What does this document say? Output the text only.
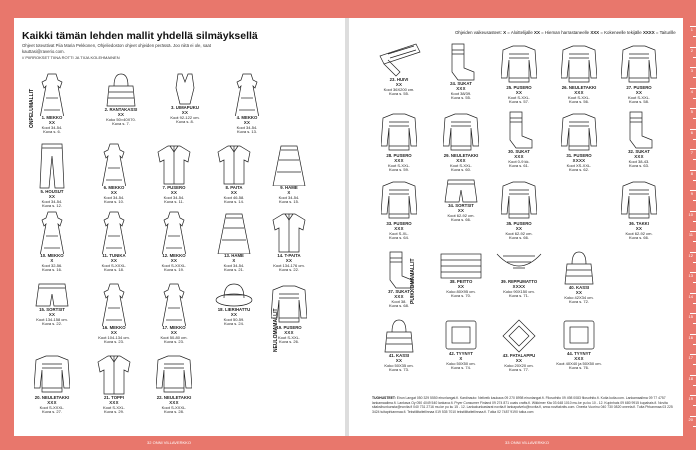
1
2
3
4
5
6
7
8
9
10
11
12
13
14
15
16
17
18
19
20
Kaikki tämän lehden mallit yhdellä silmäyksellä
Ohjeet toteuttivat Piia Maria Pekkonen, Ohjeliedoston ohjeet ohjeiden perässä. Joo niitä ei ole, saat kauttasi@raverio.com.
// PIIRROKSET TIINA ROTTI JA TIIJA KOLEHMAINEN
Ohjeiden vaikeusasteet: X = Aloittelijalle XX = Hieman harrastaneelle XXX = Kokeneelle tekijälle XXXX = Taiturille
ONPELUMALLIT
NEULOMAMALLIT
PUIKKOMAMALLIT
1. MEKKO
XX
Koot 34-54.
Kuva s. 6.
2. RANTAKASSI
XX
Koko 50×40X70.
Kuva s. 7.
3. UIMAPUKU
XX
Koot 92-122 cm.
Kuva s. 8.
4. MEKKO
XX
Koot 34-54.
Kuva s. 13.
5. HOUSUT
XX
Koot 34-54.
Kuva s. 12.
6. MEKKO
XX
Koot 34-54.
Kuva s. 10.
7. PUSERO
XX
Koot 34-54.
Kuva s. 11.
8. PAITA
XX
Koot 46-58.
Kuva s. 14.
9. HAME
X
Koot 34-54.
Kuva s. 15.
10. MEKKO
X
Koot 32-56.
Kuva s. 16.
11. TUNIKA
XX
Koot S-XXXL.
Kuva s. 18.
12. MEKKO
XX
Koot S-XXXL.
Kuva s. 19.
13. HAME
X
Koot 34-54.
Kuva s. 21.
14. T-PAITA
XX
Koot 134-176 cm.
Kuva s. 22.
15. SORTSIT
XX
Koot 134-158 cm.
Kuva s. 22.
16. MEKKO
XX
Koot 104-134 cm.
Kuva s. 23.
17. MEKKO
XX
Koot 50-80 cm.
Kuva s. 23.
18. LIERIHATTU
XX
Koot 50-59.
Kuva s. 24.
19. PUSERO
XXX
Koot S-XXL.
Kuva s. 26.
20. NEULETAKKI
XXX
Koot S-XXXL.
Kuva s. 27.
21. TOPPI
XXX
Koot S-XXL.
Kuva s. 29.
22. NEULETAKKI
XXX
Koot S-XXXL.
Kuva s. 28.
23. HUIVI
XX
Koot 36X200 cm.
Kuva s. 55.
24. SUKAT
XXX
Koot 38/39.
Kuva s. 55.
25. PUSERO
XX
Koot S-XXL.
Kuva s. 57.
26. NEULETAKKI
XXX
Koot S-XXL.
Kuva s. 56.
27. PUSERO
XX
Koot S-XXL.
Kuva s. 58.
28. PUSERO
XXX
Koot S-XXL.
Kuva s. 59.
29. NEULETAKKI
XXX
Koot S-XXL.
Kuva s. 60.
30. SUKAT
XXX
Koot 0-9 kk.
Kuva s. 61.
31. PUSERO
XXXX
Koot XS-XXL.
Kuva s. 62.
32. SUKAT
XXX
Koot 38-43.
Kuva s. 63.
33. PUSERO
XXX
Koot S-XL.
Kuva s. 64.
34. SORTSIT
XX
Koot 62-92 cm.
Kuva s. 66.
35. PUSERO
XX
Koot 62-92 cm.
Kuva s. 66.
36. TAKKI
XX
Koot 62-92 cm.
Kuva s. 66.
37. SUKAT
XXX
Koot 38.
Kuva s. 68.
38. PEITTO
XX
Koko 80X95 cm.
Kuva s. 70.
39. RIIPPUMATTO
XXXX
Koko 90X150 cm.
Kuva s. 71.
40. KASSI
XX
Koko 42X34 cm.
Kuva s. 72.
41. KASSI
XX
Koko 50X35 cm.
Kuva s. 73.
42. TYYNYT
X
Koko 50X50 cm.
Kuva s. 74.
43. PATALAPPU
XX
Koko 20X20 cm.
Kuva s. 77.
44. TYYNYT
XXX
Koot 40X40 ja 50X50 cm.
Kuva s. 76.
TUOHUSTEET: Eirun Langat 050 329 5550 eirunlangat.fi. Kardinauto: Neliveik kaukaus 09 270 8998 eirunlangat.fi. Filosofnito 09 498 0083 filosofnito.fi. Kutia kutia.com. Lankamaailma 09 77 4757 lankamaailma.fi. Lankava Oy 050 4049 540 lankava.fi. Pryer Consumer Finland 09 274 871 coats crafts.fi. Wikkimer Kta 03 648 1010 mu.ke pu ku 10 - 12. Kupinhais 09 680 9915 kupahais.fi. Novita sitaksihunkunsta@novita.fi 040 731 2716 mu.ke pu ku 15 - 12. Lankakunkastarat novita.fi lankapalvelu@novita.fi, www.novitaknits.com. Oneela Vuorinu 040 730 0820 oneela.fi. Tuita Pirkanmaa 03 225 3424 tuitapirkanmaa.fi. Tekstiilitaiteilinnaa 019 535 7010 tekstiilitaiteilinnaa.fi. Tutka 02 7487 9190 tutka.com
32 ONNI VILLAVERKKO	33 ONNI VILLAVERKKO
